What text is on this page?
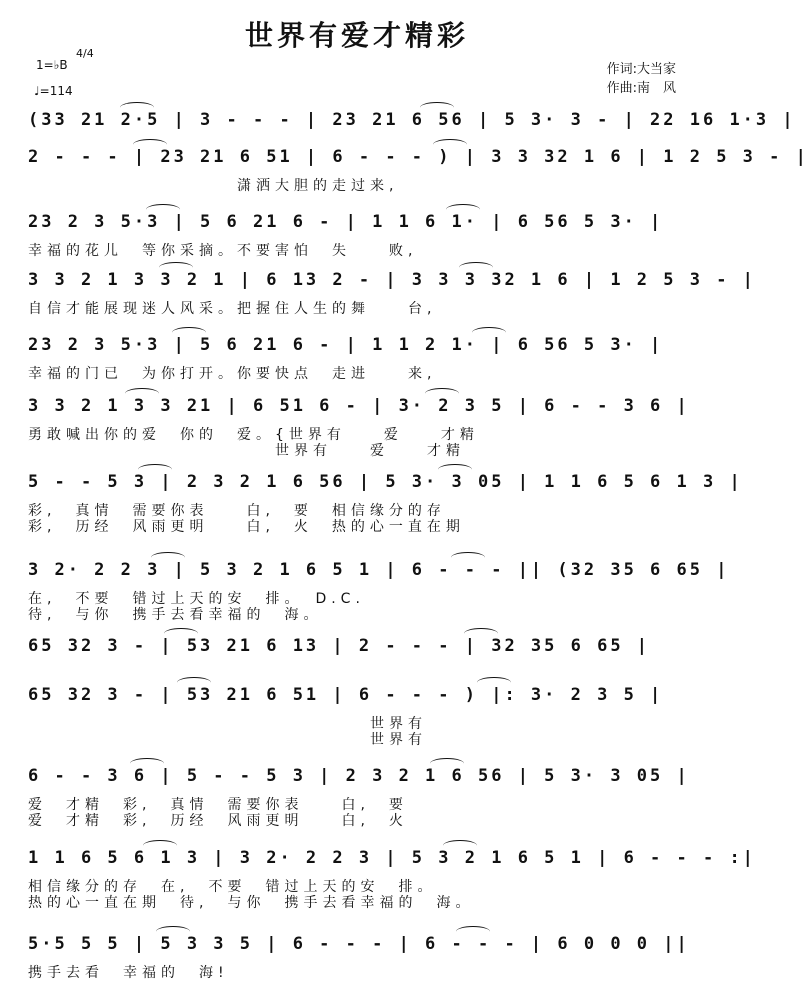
世界有爱才精彩
1=♭B
4/4
♩=114
作词:大当家
作曲:南　风
(33 21 2·5 | 3 - - - | 23 21 6 56 | 5 3· 3 - | 22 16 1·3 |
2 - - - | 23 21 6 51 | 6 - - - ) | 3 3 32 1 6 | 1 2 5 3 - |
　　　　　　　　　　　潇洒大胆的走过来,
23 2 3 5·3 | 5 6 21 6 - | 1 1 6 1· | 6 56 5 3· |
幸福的花儿　等你采摘。不要害怕　失　　败,
3 3 2 1 3 3 2 1 | 6 13 2 - | 3 3 3 32 1 6 | 1 2 5 3 - |
自信才能展现迷人风采。把握住人生的舞　　台,
23 2 3 5·3 | 5 6 21 6 - | 1 1 2 1· | 6 56 5 3· |
幸福的门已　为你打开。你要快点　走进　　来,
3 3 2 1 3 3 21 | 6 51 6 - | 3· 2 3 5 | 6 - - 3 6 |
勇敢喊出你的爱　你的　爱。{世界有　　爱　　才精
　　　　　　　　　　　　　世界有　　爱　　才精
5 - - 5 3 | 2 3 2 1 6 56 | 5 3· 3 05 | 1 1 6 5 6 1 3 |
彩,　真情　需要你表　　白,　要　相信缘分的存
彩,　历经　风雨更明　　白,　火　热的心一直在期
3 2· 2 2 3 | 5 3 2 1 6 5 1 | 6 - - - || (32 35 6 65 |
在,　不要　错过上天的安　排。　D.C.
待,　与你　携手去看幸福的　海。
65 32 3 - | 53 21 6 13 | 2 - - - | 32 35 6 65 |
65 32 3 - | 53 21 6 51 | 6 - - - ) |: 3· 2 3 5 |
　　　　　　　　　　　　　　　　　　世界有
　　　　　　　　　　　　　　　　　　世界有
6 - - 3 6 | 5 - - 5 3 | 2 3 2 1 6 56 | 5 3· 3 05 |
爱　才精　彩,　真情　需要你表　　白,　要
爱　才精　彩,　历经　风雨更明　　白,　火
1 1 6 5 6 1 3 | 3 2· 2 2 3 | 5 3 2 1 6 5 1 | 6 - - - :|
相信缘分的存　在,　不要　错过上天的安　排。
热的心一直在期　待,　与你　携手去看幸福的　海。
5·5 5 5 | 5 3 3 5 | 6 - - - | 6 - - - | 6 0 0 0 ||
携手去看　幸福的　海!
